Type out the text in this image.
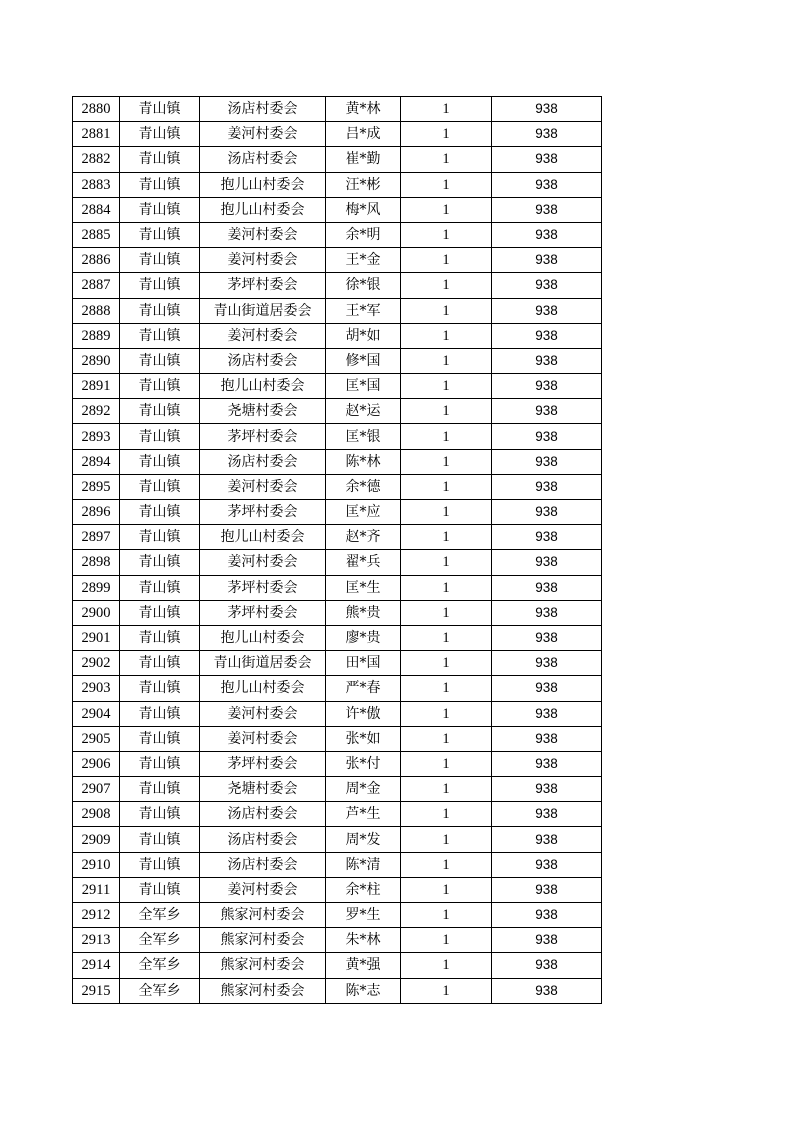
2880	青山镇	汤店村委会	黄*林	1	938
2881	青山镇	姜河村委会	吕*成	1	938
2882	青山镇	汤店村委会	崔*勤	1	938
2883	青山镇	抱儿山村委会	汪*彬	1	938
2884	青山镇	抱儿山村委会	梅*风	1	938
2885	青山镇	姜河村委会	余*明	1	938
2886	青山镇	姜河村委会	王*金	1	938
2887	青山镇	茅坪村委会	徐*银	1	938
2888	青山镇	青山街道居委会	王*军	1	938
2889	青山镇	姜河村委会	胡*如	1	938
2890	青山镇	汤店村委会	修*国	1	938
2891	青山镇	抱儿山村委会	匡*国	1	938
2892	青山镇	尧塘村委会	赵*运	1	938
2893	青山镇	茅坪村委会	匡*银	1	938
2894	青山镇	汤店村委会	陈*林	1	938
2895	青山镇	姜河村委会	余*德	1	938
2896	青山镇	茅坪村委会	匡*应	1	938
2897	青山镇	抱儿山村委会	赵*齐	1	938
2898	青山镇	姜河村委会	翟*兵	1	938
2899	青山镇	茅坪村委会	匡*生	1	938
2900	青山镇	茅坪村委会	熊*贵	1	938
2901	青山镇	抱儿山村委会	廖*贵	1	938
2902	青山镇	青山街道居委会	田*国	1	938
2903	青山镇	抱儿山村委会	严*春	1	938
2904	青山镇	姜河村委会	许*傲	1	938
2905	青山镇	姜河村委会	张*如	1	938
2906	青山镇	茅坪村委会	张*付	1	938
2907	青山镇	尧塘村委会	周*金	1	938
2908	青山镇	汤店村委会	芦*生	1	938
2909	青山镇	汤店村委会	周*发	1	938
2910	青山镇	汤店村委会	陈*清	1	938
2911	青山镇	姜河村委会	余*柱	1	938
2912	全军乡	熊家河村委会	罗*生	1	938
2913	全军乡	熊家河村委会	朱*林	1	938
2914	全军乡	熊家河村委会	黄*强	1	938
2915	全军乡	熊家河村委会	陈*志	1	938
